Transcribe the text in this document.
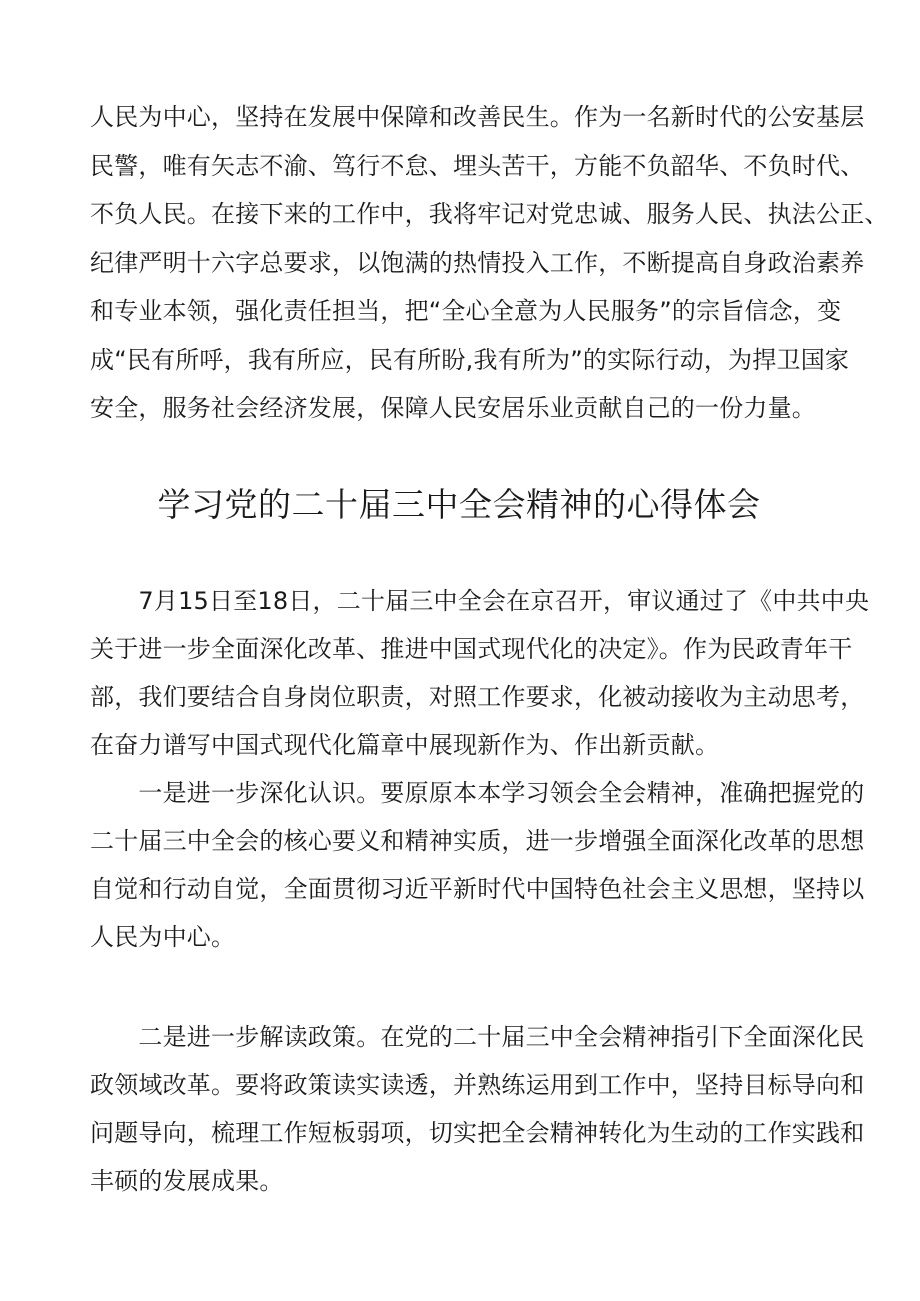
人民为中心，坚持在发展中保障和改善民生。作为一名新时代的公安基层
民警，唯有矢志不渝、笃行不怠、埋头苦干，方能不负韶华、不负时代、
不负人民。在接下来的工作中，我将牢记对党忠诚、服务人民、执法公正、
纪律严明十六字总要求，以饱满的热情投入工作，不断提高自身政治素养
和专业本领，强化责任担当，把“全心全意为人民服务”的宗旨信念，变
成“民有所呼，我有所应，民有所盼,我有所为”的实际行动，为捍卫国家
安全，服务社会经济发展，保障人民安居乐业贡献自己的一份力量。
学习党的二十届三中全会精神的心得体会
　　7月15日至18日，二十届三中全会在京召开，审议通过了《中共中央
关于进一步全面深化改革、推进中国式现代化的决定》。作为民政青年干
部，我们要结合自身岗位职责，对照工作要求，化被动接收为主动思考，
在奋力谱写中国式现代化篇章中展现新作为、作出新贡献。
　　一是进一步深化认识。要原原本本学习领会全会精神，准确把握党的
二十届三中全会的核心要义和精神实质，进一步增强全面深化改革的思想
自觉和行动自觉，全面贯彻习近平新时代中国特色社会主义思想，坚持以
人民为中心。
　　二是进一步解读政策。在党的二十届三中全会精神指引下全面深化民
政领域改革。要将政策读实读透，并熟练运用到工作中，坚持目标导向和
问题导向，梳理工作短板弱项，切实把全会精神转化为生动的工作实践和
丰硕的发展成果。
